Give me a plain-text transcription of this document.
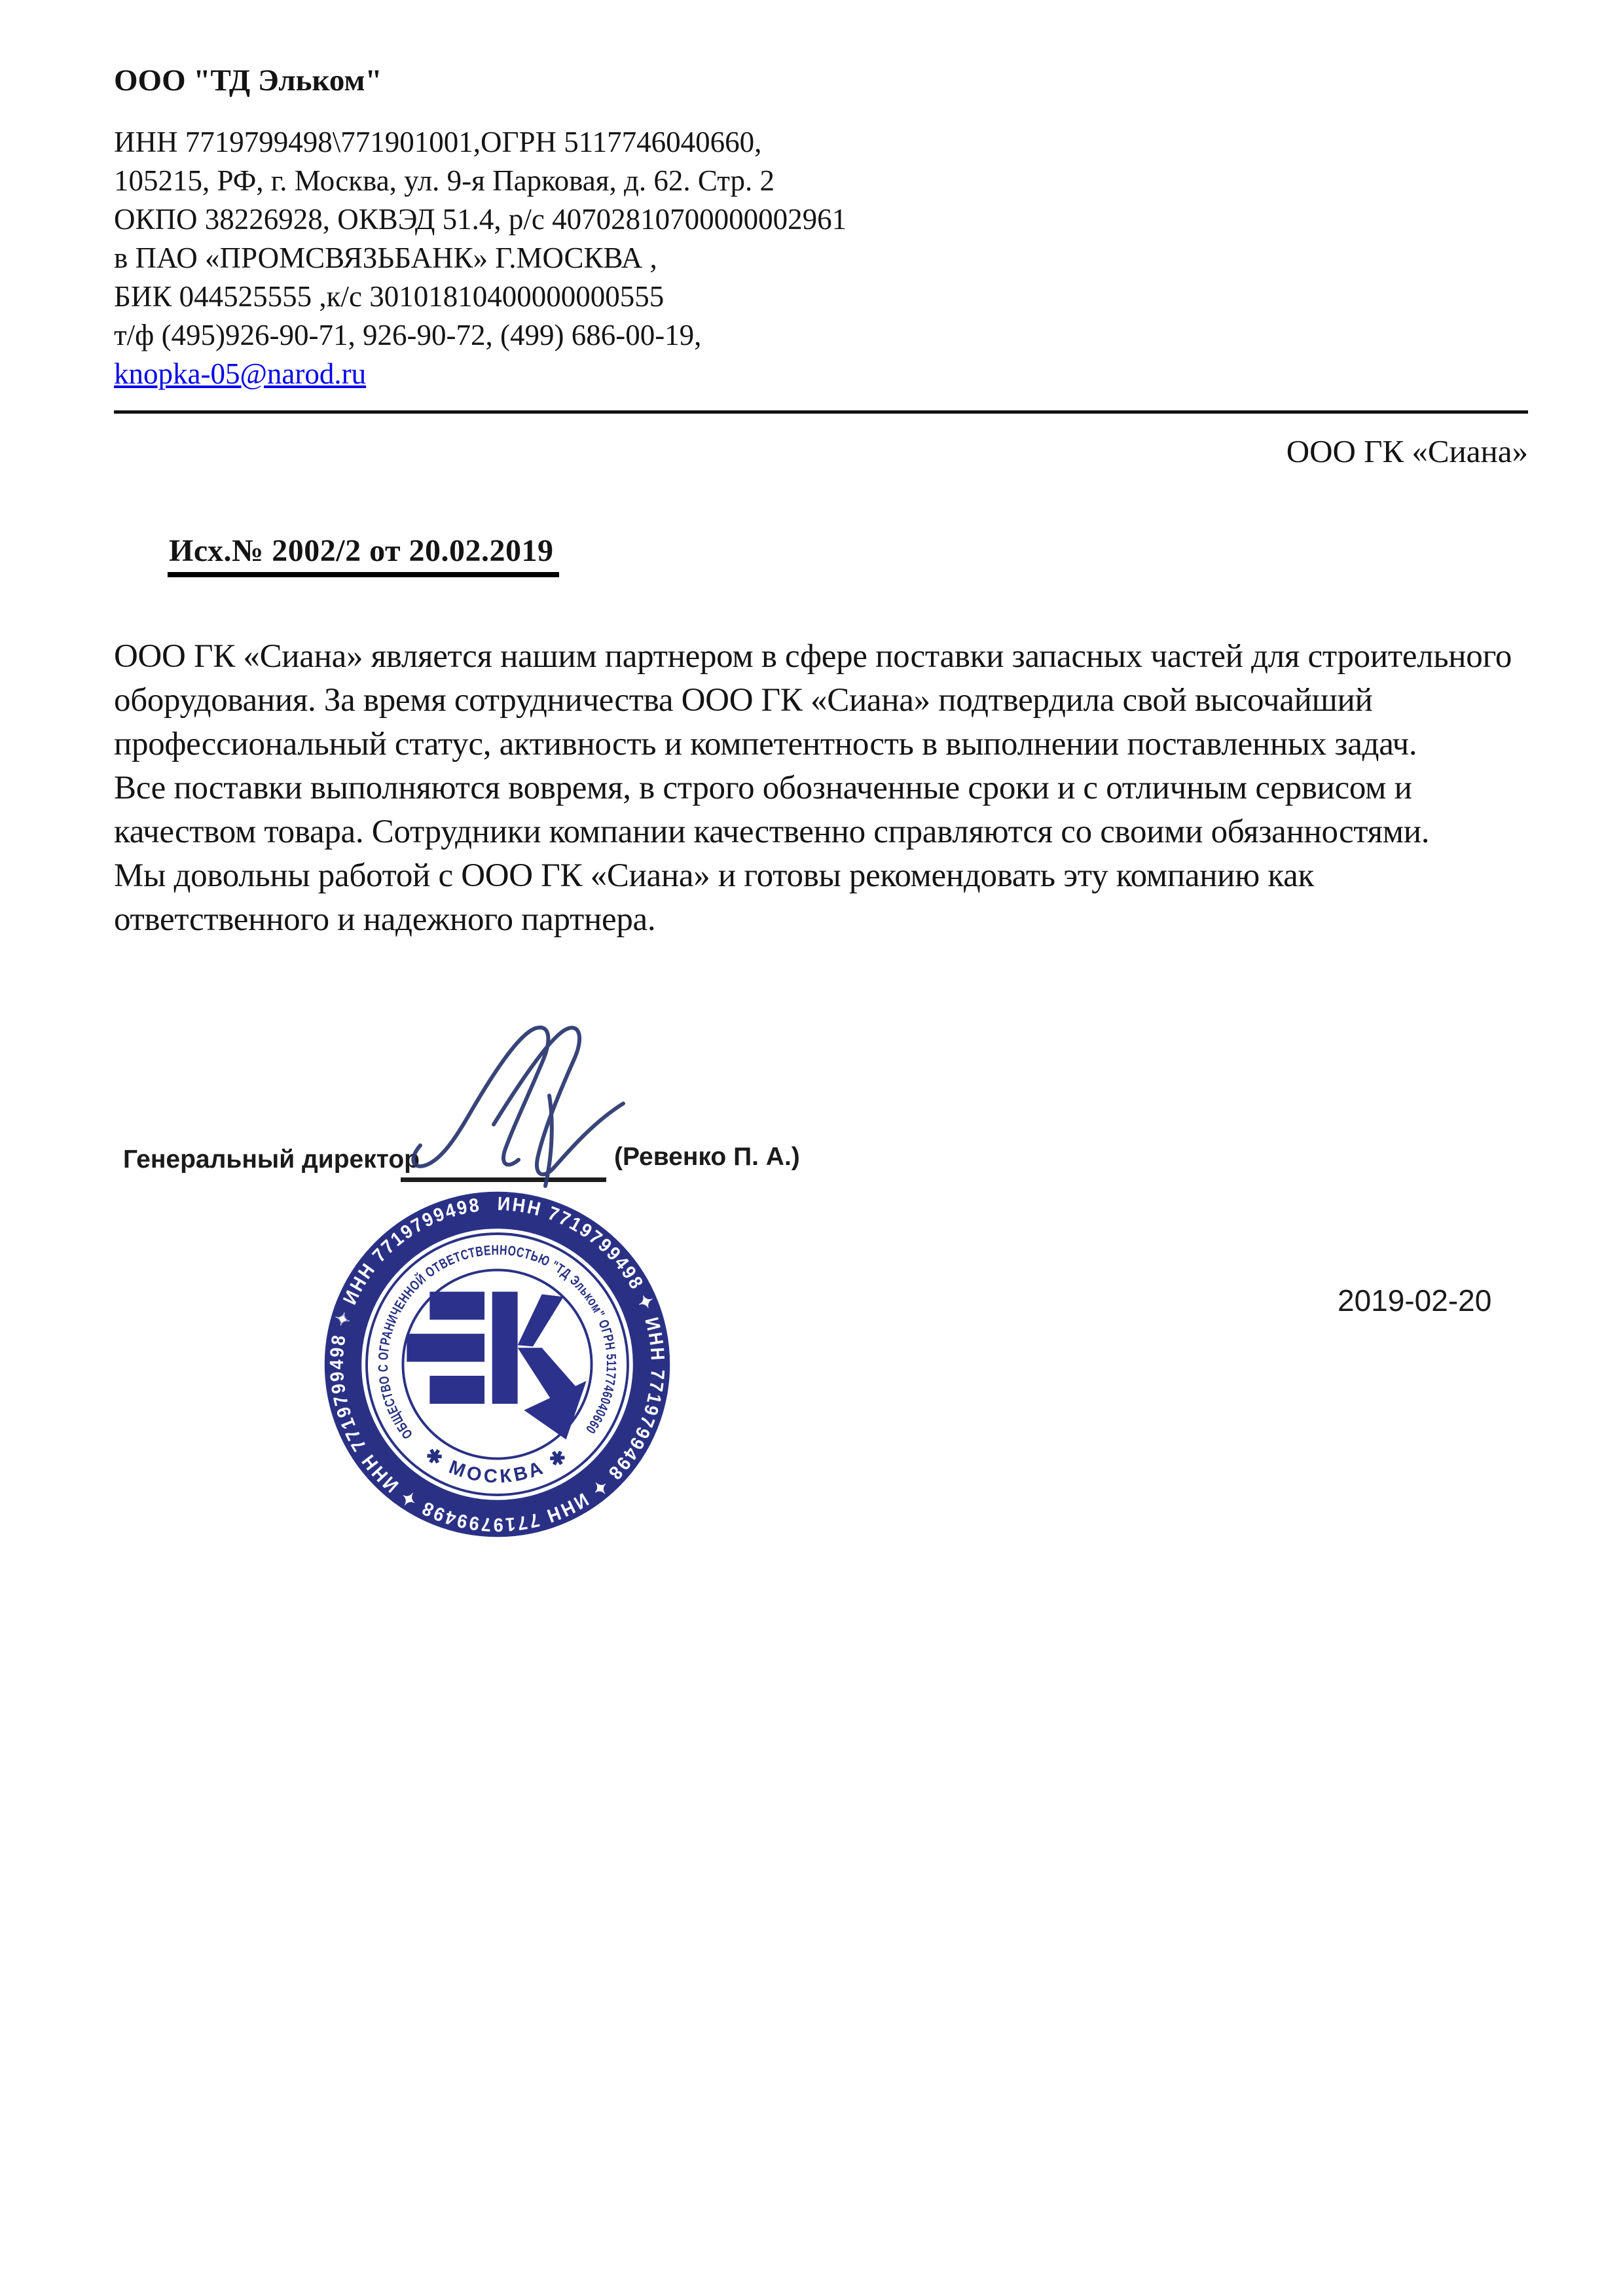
ООО "ТД Эльком"
ИНН 7719799498\771901001,ОГРН 5117746040660,
105215, РФ, г. Москва, ул. 9-я Парковая, д. 62. Стр. 2
ОКПО 38226928, ОКВЭД 51.4, р/с 40702810700000002961
в ПАО «ПРОМСВЯЗЬБАНК» Г.МОСКВА ,
БИК 044525555 ,к/с 30101810400000000555
т/ф (495)926-90-71, 926-90-72, (499) 686-00-19,
knopka-05@narod.ru
ООО ГК «Сиана»
Исх.№ 2002/2 от 20.02.2019

ООО ГК «Сиана» является нашим партнером в сфере поставки запасных частей для строительного оборудования. За время сотрудничества ООО ГК «Сиана» подтвердила свой высочайший профессиональный статус, активность и компетентность в выполнении поставленных задач.

Все поставки выполняются вовремя, в строго обозначенные сроки и с отличным сервисом и качеством товара. Сотрудники компании качественно справляются со своими обязанностями.

Мы довольны работой с ООО ГК «Сиана» и готовы рекомендовать эту компанию как ответственного и надежного партнера.

Генеральный директор	(Ревенко П. А.)
ИНН 7719799498 ✦ ИНН 7719799498 ✦ ИНН 7719799498 ✦ ИНН 7719799498 ✦ ИНН 7719799498
ОБЩЕСТВО С ОГРАНИЧЕННОЙ ОТВЕТСТВЕННОСТЬЮ "ТД Эльком" ОГРН 5117746040660
✱ МОСКВА ✱
2019-02-20
